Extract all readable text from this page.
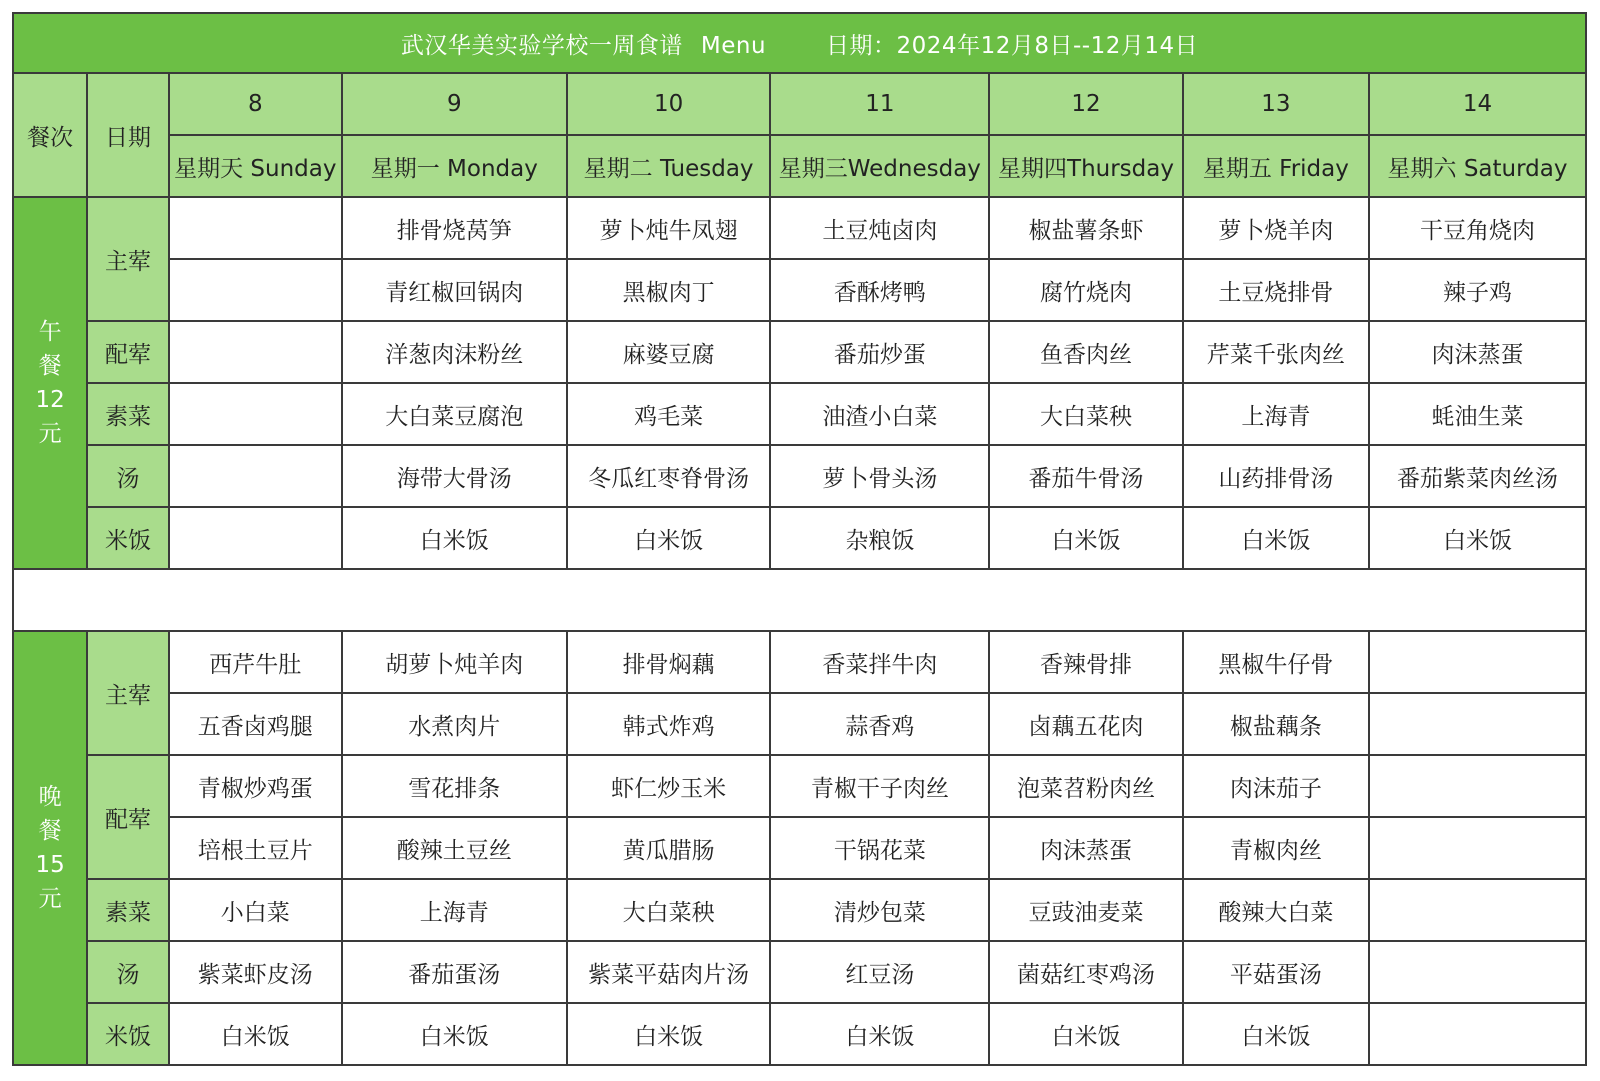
武汉华美实验学校一周食谱 Menu 日期：2024年12月8日--12月14日								
餐次	日期	8	9	10	11	12	13	14
		星期天 Sunday	星期一 Monday	星期二 Tuesday	星期三Wednesday	星期四Thursday	星期五 Friday	星期六 Saturday

午
餐
12
元	主荤		排骨烧莴笋	萝卜炖牛凤翅	土豆炖卤肉	椒盐薯条虾	萝卜烧羊肉	干豆角烧肉
			青红椒回锅肉	黑椒肉丁	香酥烤鸭	腐竹烧肉	土豆烧排骨	辣子鸡
	配荤		洋葱肉沫粉丝	麻婆豆腐	番茄炒蛋	鱼香肉丝	芹菜千张肉丝	肉沫蒸蛋
	素菜		大白菜豆腐泡	鸡毛菜	油渣小白菜	大白菜秧	上海青	蚝油生菜
	汤		海带大骨汤	冬瓜红枣脊骨汤	萝卜骨头汤	番茄牛骨汤	山药排骨汤	番茄紫菜肉丝汤
	米饭		白米饭	白米饭	杂粮饭	白米饭	白米饭	白米饭

晚
餐
15
元	主荤	西芹牛肚	胡萝卜炖羊肉	排骨焖藕	香菜拌牛肉	香辣骨排	黑椒牛仔骨	
		五香卤鸡腿	水煮肉片	韩式炸鸡	蒜香鸡	卤藕五花肉	椒盐藕条	
	配荤	青椒炒鸡蛋	雪花排条	虾仁炒玉米	青椒干子肉丝	泡菜苕粉肉丝	肉沫茄子	
		培根土豆片	酸辣土豆丝	黄瓜腊肠	干锅花菜	肉沫蒸蛋	青椒肉丝	
	素菜	小白菜	上海青	大白菜秧	清炒包菜	豆豉油麦菜	酸辣大白菜	
	汤	紫菜虾皮汤	番茄蛋汤	紫菜平菇肉片汤	红豆汤	菌菇红枣鸡汤	平菇蛋汤	
	米饭	白米饭	白米饭	白米饭	白米饭	白米饭	白米饭	
